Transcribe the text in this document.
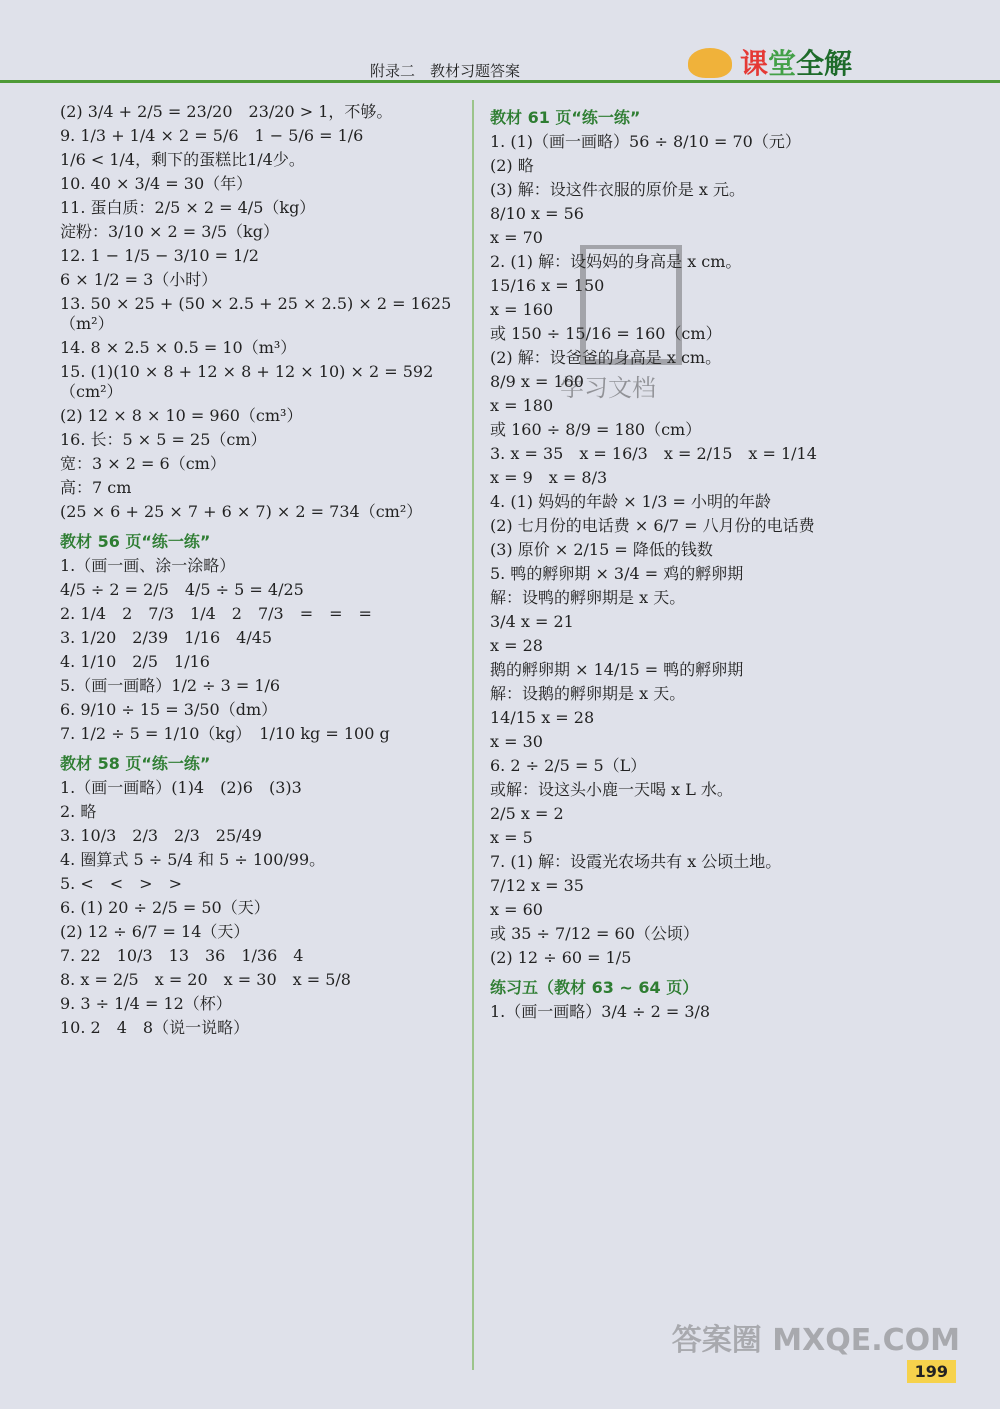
附录二　教材习题答案	课堂全解
(2) 3/4 + 2/5 = 23/20　23/20 > 1，不够。
9. 1/3 + 1/4 × 2 = 5/6　1 − 5/6 = 1/6
1/6 < 1/4，剩下的蛋糕比1/4少。
10. 40 × 3/4 = 30（年）
11. 蛋白质：2/5 × 2 = 4/5（kg）
淀粉：3/10 × 2 = 3/5（kg）
12. 1 − 1/5 − 3/10 = 1/2
6 × 1/2 = 3（小时）
13. 50 × 25 + (50 × 2.5 + 25 × 2.5) × 2 = 1625（m²）
14. 8 × 2.5 × 0.5 = 10（m³）
15. (1)(10 × 8 + 12 × 8 + 12 × 10) × 2 = 592（cm²）
(2) 12 × 8 × 10 = 960（cm³）
16. 长：5 × 5 = 25（cm）
宽：3 × 2 = 6（cm）
高：7 cm
(25 × 6 + 25 × 7 + 6 × 7) × 2 = 734（cm²）
教材 56 页“练一练”
1.（画一画、涂一涂略）
4/5 ÷ 2 = 2/5　4/5 ÷ 5 = 4/25
2. 1/4　2　7/3　1/4　2　7/3　=　=　=
3. 1/20　2/39　1/16　4/45
4. 1/10　2/5　1/16
5.（画一画略）1/2 ÷ 3 = 1/6
6. 9/10 ÷ 15 = 3/50（dm）
7. 1/2 ÷ 5 = 1/10（kg）　1/10 kg = 100 g
教材 58 页“练一练”
1.（画一画略）(1)4　(2)6　(3)3
2. 略
3. 10/3　2/3　2/3　25/49
4. 圈算式 5 ÷ 5/4 和 5 ÷ 100/99。
5. <　<　>　>
6. (1) 20 ÷ 2/5 = 50（天）
(2) 12 ÷ 6/7 = 14（天）
7. 22　10/3　13　36　1/36　4
8. x = 2/5　x = 20　x = 30　x = 5/8
9. 3 ÷ 1/4 = 12（杯）
10. 2　4　8（说一说略）
教材 61 页“练一练”
1. (1)（画一画略）56 ÷ 8/10 = 70（元）
(2) 略
(3) 解：设这件衣服的原价是 x 元。
8/10 x = 56
x = 70
2. (1) 解：设妈妈的身高是 x cm。
15/16 x = 150
x = 160
或 150 ÷ 15/16 = 160（cm）
(2) 解：设爸爸的身高是 x cm。
8/9 x = 160
x = 180
或 160 ÷ 8/9 = 180（cm）
3. x = 35　x = 16/3　x = 2/15　x = 1/14
x = 9　x = 8/3
4. (1) 妈妈的年龄 × 1/3 = 小明的年龄
(2) 七月份的电话费 × 6/7 = 八月份的电话费
(3) 原价 × 2/15 = 降低的钱数
5. 鸭的孵卵期 × 3/4 = 鸡的孵卵期
解：设鸭的孵卵期是 x 天。
3/4 x = 21
x = 28
鹅的孵卵期 × 14/15 = 鸭的孵卵期
解：设鹅的孵卵期是 x 天。
14/15 x = 28
x = 30
6. 2 ÷ 2/5 = 5（L）
或解：设这头小鹿一天喝 x L 水。
2/5 x = 2
x = 5
7. (1) 解：设霞光农场共有 x 公顷土地。
7/12 x = 35
x = 60
或 35 ÷ 7/12 = 60（公顷）
(2) 12 ÷ 60 = 1/5
练习五（教材 63 ~ 64 页）
1.（画一画略）3/4 ÷ 2 = 3/8
学习文档
答案圈 MXQE.COM
199
